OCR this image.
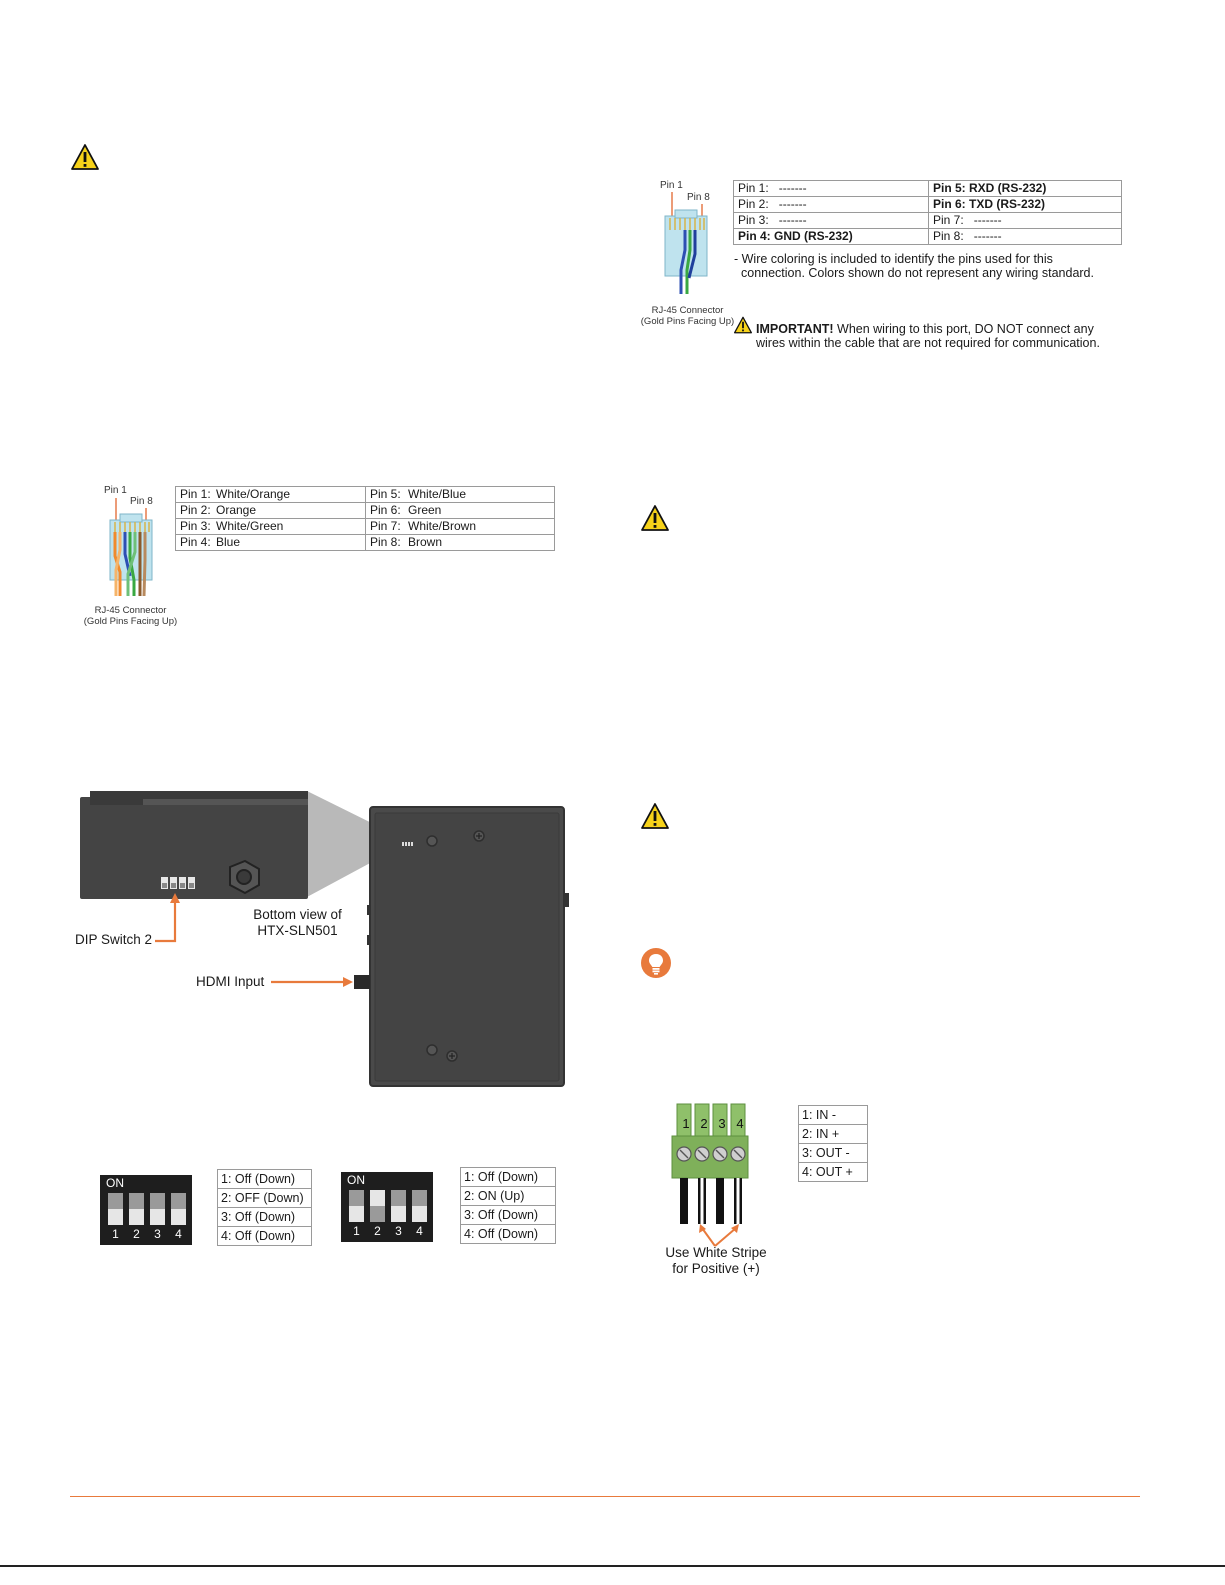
Pin 1
Pin 8
RJ-45 Connector
(Gold Pins Facing Up)
Pin 1: -------	Pin 5: RXD (RS-232)
Pin 2: -------	Pin 6: TXD (RS-232)
Pin 3: -------	Pin 7: -------
Pin 4: GND (RS-232)	Pin 8: -------
- Wire coloring is included to identify the pins used for this
connection. Colors shown do not represent any wiring standard.
IMPORTANT! When wiring to this port, DO NOT connect any
wires within the cable that are not required for communication.
Pin 1
Pin 8
RJ-45 Connector
(Gold Pins Facing Up)
Pin 1: White/Orange	Pin 5: White/Blue
Pin 2: Orange	Pin 6: Green
Pin 3: White/Green	Pin 7: White/Brown
Pin 4: Blue	Pin 8: Brown
DIP Switch 2
Bottom view of
HTX-SLN501
HDMI Input
ON
1 2 3 4
1: Off (Down)
2: OFF (Down)
3: Off (Down)
4: Off (Down)
ON
1 2 3 4
1: Off (Down)
2: ON (Up)
3: Off (Down)
4: Off (Down)
1 2 3 4
Use White Stripe
for Positive (+)
1: IN -
2: IN +
3: OUT -
4: OUT +
